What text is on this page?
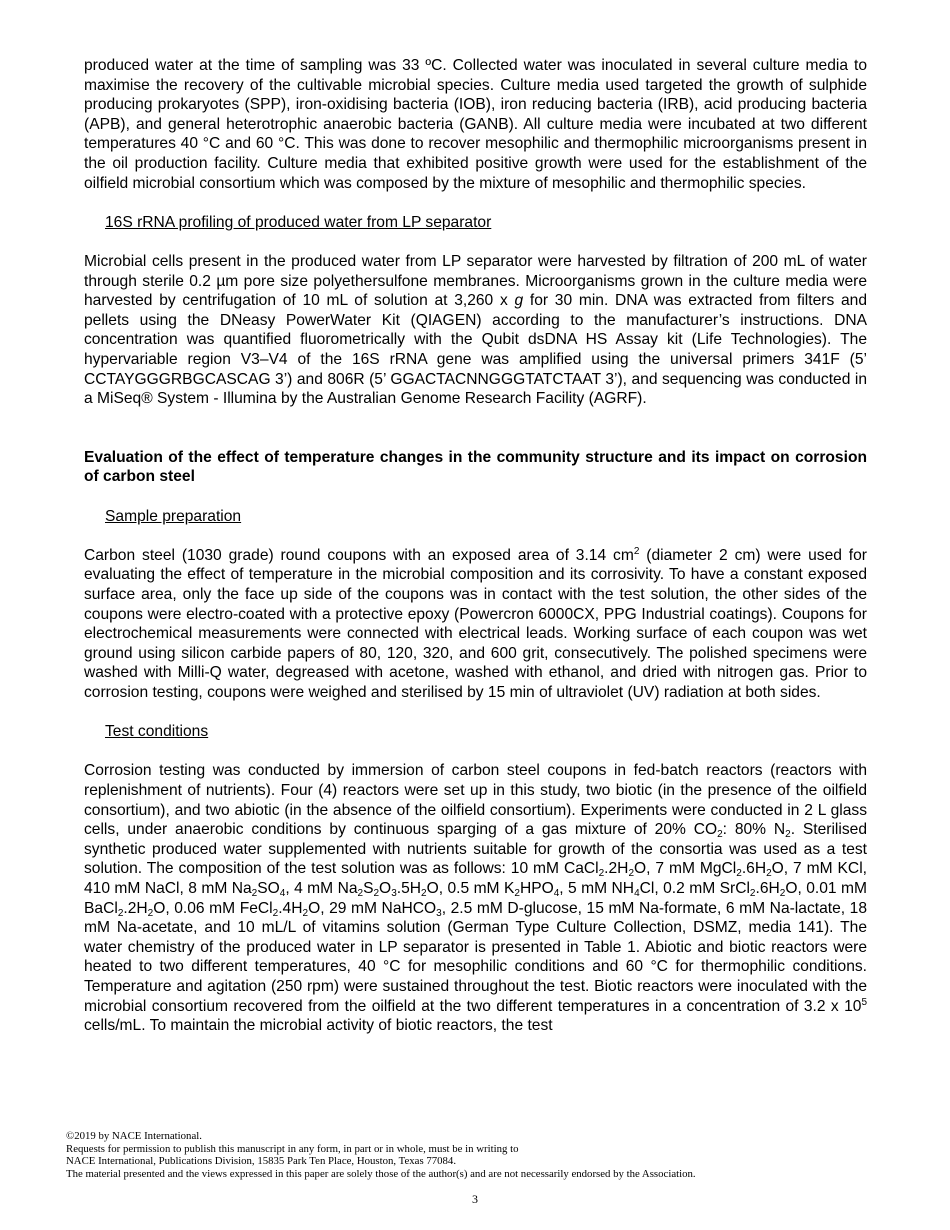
produced water at the time of sampling was 33 ºC. Collected water was inoculated in several culture media to maximise the recovery of the cultivable microbial species. Culture media used targeted the growth of sulphide producing prokaryotes (SPP), iron-oxidising bacteria (IOB), iron reducing bacteria (IRB), acid producing bacteria (APB), and general heterotrophic anaerobic bacteria (GANB). All culture media were incubated at two different temperatures 40 °C and 60 °C. This was done to recover mesophilic and thermophilic microorganisms present in the oil production facility. Culture media that exhibited positive growth were used for the establishment of the oilfield microbial consortium which was composed by the mixture of mesophilic and thermophilic species.

16S rRNA profiling of produced water from LP separator

Microbial cells present in the produced water from LP separator were harvested by filtration of 200 mL of water through sterile 0.2 µm pore size polyethersulfone membranes. Microorganisms grown in the culture media were harvested by centrifugation of 10 mL of solution at 3,260 x g for 30 min. DNA was extracted from filters and pellets using the DNeasy PowerWater Kit (QIAGEN) according to the manufacturer’s instructions. DNA concentration was quantified fluorometrically with the Qubit dsDNA HS Assay kit (Life Technologies). The hypervariable region V3–V4 of the 16S rRNA gene was amplified using the universal primers 341F (5’ CCTAYGGGRBGCASCAG 3’) and 806R (5’ GGACTACNNGGGTATCTAAT 3’), and sequencing was conducted in a MiSeq® System - Illumina by the Australian Genome Research Facility (AGRF).

Evaluation of the effect of temperature changes in the community structure and its impact on corrosion of carbon steel

Sample preparation

Carbon steel (1030 grade) round coupons with an exposed area of 3.14 $cm^2$ (diameter 2 cm) were used for evaluating the effect of temperature in the microbial composition and its corrosivity. To have a constant exposed surface area, only the face up side of the coupons was in contact with the test solution, the other sides of the coupons were electro-coated with a protective epoxy (Powercron 6000CX, PPG Industrial coatings). Coupons for electrochemical measurements were connected with electrical leads. Working surface of each coupon was wet ground using silicon carbide papers of 80, 120, 320, and 600 grit, consecutively. The polished specimens were washed with Milli-Q water, degreased with acetone, washed with ethanol, and dried with nitrogen gas. Prior to corrosion testing, coupons were weighed and sterilised by 15 min of ultraviolet (UV) radiation at both sides.

Test conditions

Corrosion testing was conducted by immersion of carbon steel coupons in fed-batch reactors (reactors with replenishment of nutrients). Four (4) reactors were set up in this study, two biotic (in the presence of the oilfield consortium), and two abiotic (in the absence of the oilfield consortium). Experiments were conducted in 2 L glass cells, under anaerobic conditions by continuous sparging of a gas mixture of 20% $CO_2$: 80% $N_2$. Sterilised synthetic produced water supplemented with nutrients suitable for growth of the consortia was used as a test solution. The composition of the test solution was as follows: 10 mM $CaCl_2.2H_2O$, 7 mM $MgCl_2.6H_2O$, 7 mM KCl, 410 mM NaCl, 8 mM $Na_2SO_4$, 4 mM $Na_2S_2O_3.5H_2O$, 0.5 mM $K_2HPO_4$, 5 mM $NH_4Cl$, 0.2 mM $SrCl_2.6H_2O$, 0.01 mM $BaCl_2.2H_2O$, 0.06 mM $FeCl_2.4H_2O$, 29 mM NaHCO$_3$, 2.5 mM D-glucose, 15 mM Na-formate, 6 mM Na-lactate, 18 mM Na-acetate, and 10 mL/L of vitamins solution (German Type Culture Collection, DSMZ, media 141). The water chemistry of the produced water in LP separator is presented in Table 1. Abiotic and biotic reactors were heated to two different temperatures, 40 °C for mesophilic conditions and 60 °C for thermophilic conditions. Temperature and agitation (250 rpm) were sustained throughout the test. Biotic reactors were inoculated with the microbial consortium recovered from the oilfield at the two different temperatures in a concentration of 3.2 x $10^5$ cells/mL. To maintain the microbial activity of biotic reactors, the test

©2019 by NACE International.
Requests for permission to publish this manuscript in any form, in part or in whole, must be in writing to
NACE International, Publications Division, 15835 Park Ten Place, Houston, Texas 77084.
The material presented and the views expressed in this paper are solely those of the author(s) and are not necessarily endorsed by the Association.
3
